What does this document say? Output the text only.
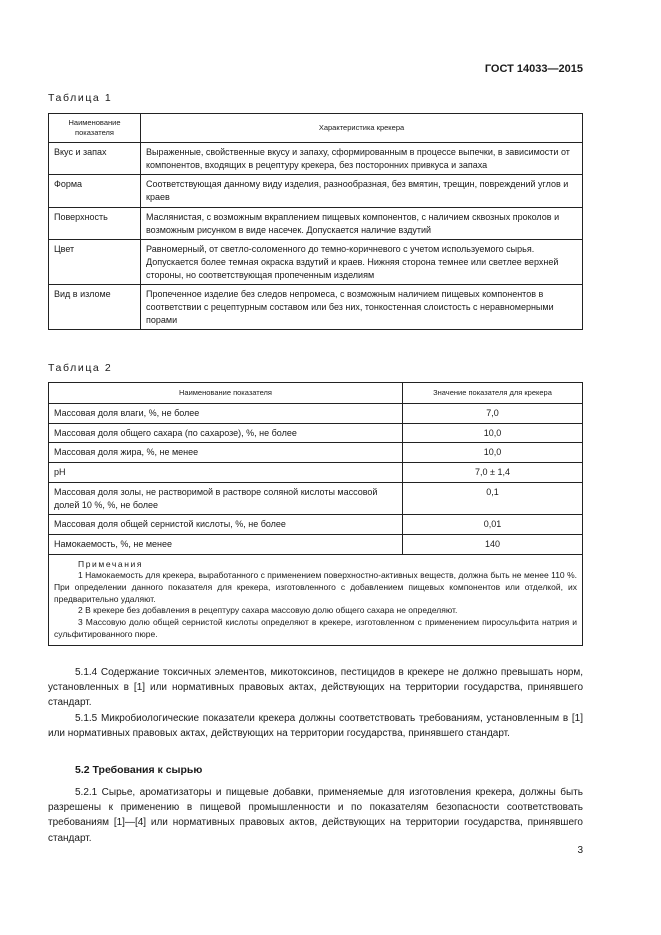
ГОСТ 14033—2015
Таблица 1
Наименование показателя	Характеристика крекера
Вкус и запах	Выраженные, свойственные вкусу и запаху, сформированным в процессе выпечки, в зависимости от компонентов, входящих в рецептуру крекера, без посторонних привкуса и запаха
Форма	Соответствующая данному виду изделия, разнообразная, без вмятин, трещин, повреждений углов и краев
Поверхность	Маслянистая, с возможным вкраплением пищевых компонентов, с наличием сквозных проколов и возможным рисунком в виде насечек. Допускается наличие вздутий
Цвет	Равномерный, от светло-соломенного до темно-коричневого с учетом используемого сырья. Допускается более темная окраска вздутий и краев. Нижняя сторона темнее или светлее верхней стороны, но соответствующая пропеченным изделиям
Вид в изломе	Пропеченное изделие без следов непромеса, с возможным наличием пищевых компонентов в соответствии с рецептурным составом или без них, тонкостенная слоистость с неравномерными порами
Таблица 2
Наименование показателя	Значение показателя для крекера
Массовая доля влаги, %, не более	7,0
Массовая доля общего сахара (по сахарозе), %, не более	10,0
Массовая доля жира, %, не менее	10,0
pH	7,0 ± 1,4
Массовая доля золы, не растворимой в растворе соляной кислоты массовой долей 10 %, %, не более	0,1
Массовая доля общей сернистой кислоты, %, не более	0,01
Намокаемость, %, не менее	140

Примечания
1 Намокаемость для крекера, выработанного с применением поверхностно-активных веществ, должна быть не менее 110 %. При определении данного показателя для крекера, изготовленного с добавлением пищевых компонентов или отделкой, их предварительно удаляют.
2 В крекере без добавления в рецептуру сахара массовую долю общего сахара не определяют.
3 Массовую долю общей сернистой кислоты определяют в крекере, изготовленном с применением пиросульфита натрия и сульфитированного пюре.	

5.1.4 Содержание токсичных элементов, микотоксинов, пестицидов в крекере не должно превышать норм, установленных в [1] или нормативных правовых актах, действующих на территории государства, принявшего стандарт.

5.1.5 Микробиологические показатели крекера должны соответствовать требованиям, установленным в [1] или нормативных правовых актах, действующих на территории государства, принявшего стандарт.

5.2 Требования к сырью

5.2.1 Сырье, ароматизаторы и пищевые добавки, применяемые для изготовления крекера, должны быть разрешены к применению в пищевой промышленности и по показателям безопасности соответствовать требованиям [1]—[4] или нормативных правовых актов, действующих на территории государства, принявшего стандарт.

3
